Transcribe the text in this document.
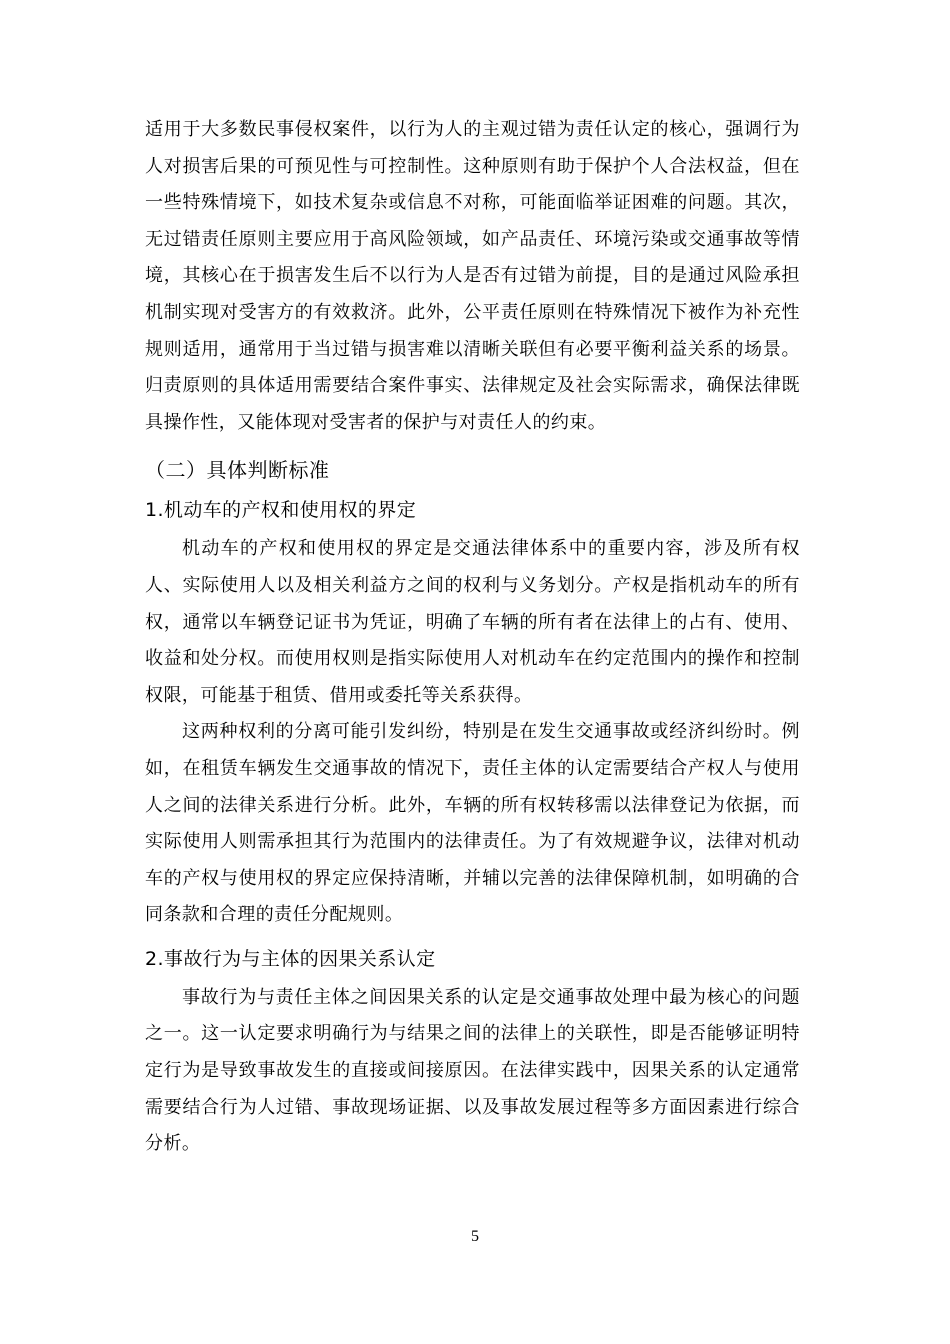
适用于大多数民事侵权案件，以行为人的主观过错为责任认定的核心，强调行为人对损害后果的可预见性与可控制性。这种原则有助于保护个人合法权益，但在一些特殊情境下，如技术复杂或信息不对称，可能面临举证困难的问题。其次，无过错责任原则主要应用于高风险领域，如产品责任、环境污染或交通事故等情境，其核心在于损害发生后不以行为人是否有过错为前提，目的是通过风险承担机制实现对受害方的有效救济。此外，公平责任原则在特殊情况下被作为补充性规则适用，通常用于当过错与损害难以清晰关联但有必要平衡利益关系的场景。归责原则的具体适用需要结合案件事实、法律规定及社会实际需求，确保法律既具操作性，又能体现对受害者的保护与对责任人的约束。

（二）具体判断标准
1.机动车的产权和使用权的界定

机动车的产权和使用权的界定是交通法律体系中的重要内容，涉及所有权人、实际使用人以及相关利益方之间的权利与义务划分。产权是指机动车的所有权，通常以车辆登记证书为凭证，明确了车辆的所有者在法律上的占有、使用、收益和处分权。而使用权则是指实际使用人对机动车在约定范围内的操作和控制权限，可能基于租赁、借用或委托等关系获得。

这两种权利的分离可能引发纠纷，特别是在发生交通事故或经济纠纷时。例如，在租赁车辆发生交通事故的情况下，责任主体的认定需要结合产权人与使用人之间的法律关系进行分析。此外，车辆的所有权转移需以法律登记为依据，而实际使用人则需承担其行为范围内的法律责任。为了有效规避争议，法律对机动车的产权与使用权的界定应保持清晰，并辅以完善的法律保障机制，如明确的合同条款和合理的责任分配规则。

2.事故行为与主体的因果关系认定

事故行为与责任主体之间因果关系的认定是交通事故处理中最为核心的问题之一。这一认定要求明确行为与结果之间的法律上的关联性，即是否能够证明特定行为是导致事故发生的直接或间接原因。在法律实践中，因果关系的认定通常需要结合行为人过错、事故现场证据、以及事故发展过程等多方面因素进行综合分析。

5
